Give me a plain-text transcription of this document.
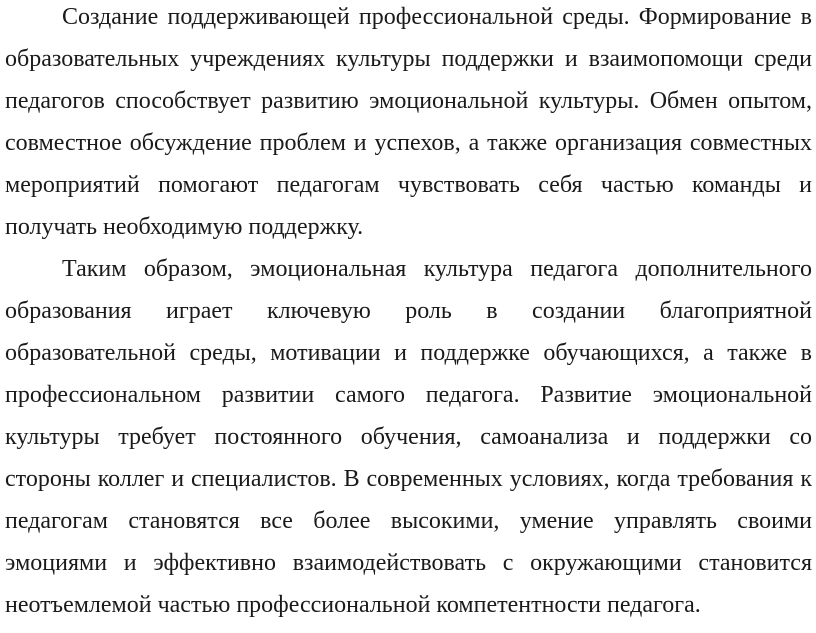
Создание поддерживающей профессиональной среды. Формирование в
образовательных учреждениях культуры поддержки и взаимопомощи среди
педагогов способствует развитию эмоциональной культуры. Обмен опытом,
совместное обсуждение проблем и успехов, а также организация совместных
мероприятий помогают педагогам чувствовать себя частью команды и
получать необходимую поддержку.
Таким образом, эмоциональная культура педагога дополнительного
образования играет ключевую роль в создании благоприятной
образовательной среды, мотивации и поддержке обучающихся, а также в
профессиональном развитии самого педагога. Развитие эмоциональной
культуры требует постоянного обучения, самоанализа и поддержки со
стороны коллег и специалистов. В современных условиях, когда требования к
педагогам становятся все более высокими, умение управлять своими
эмоциями и эффективно взаимодействовать с окружающими становится
неотъемлемой частью профессиональной компетентности педагога.
